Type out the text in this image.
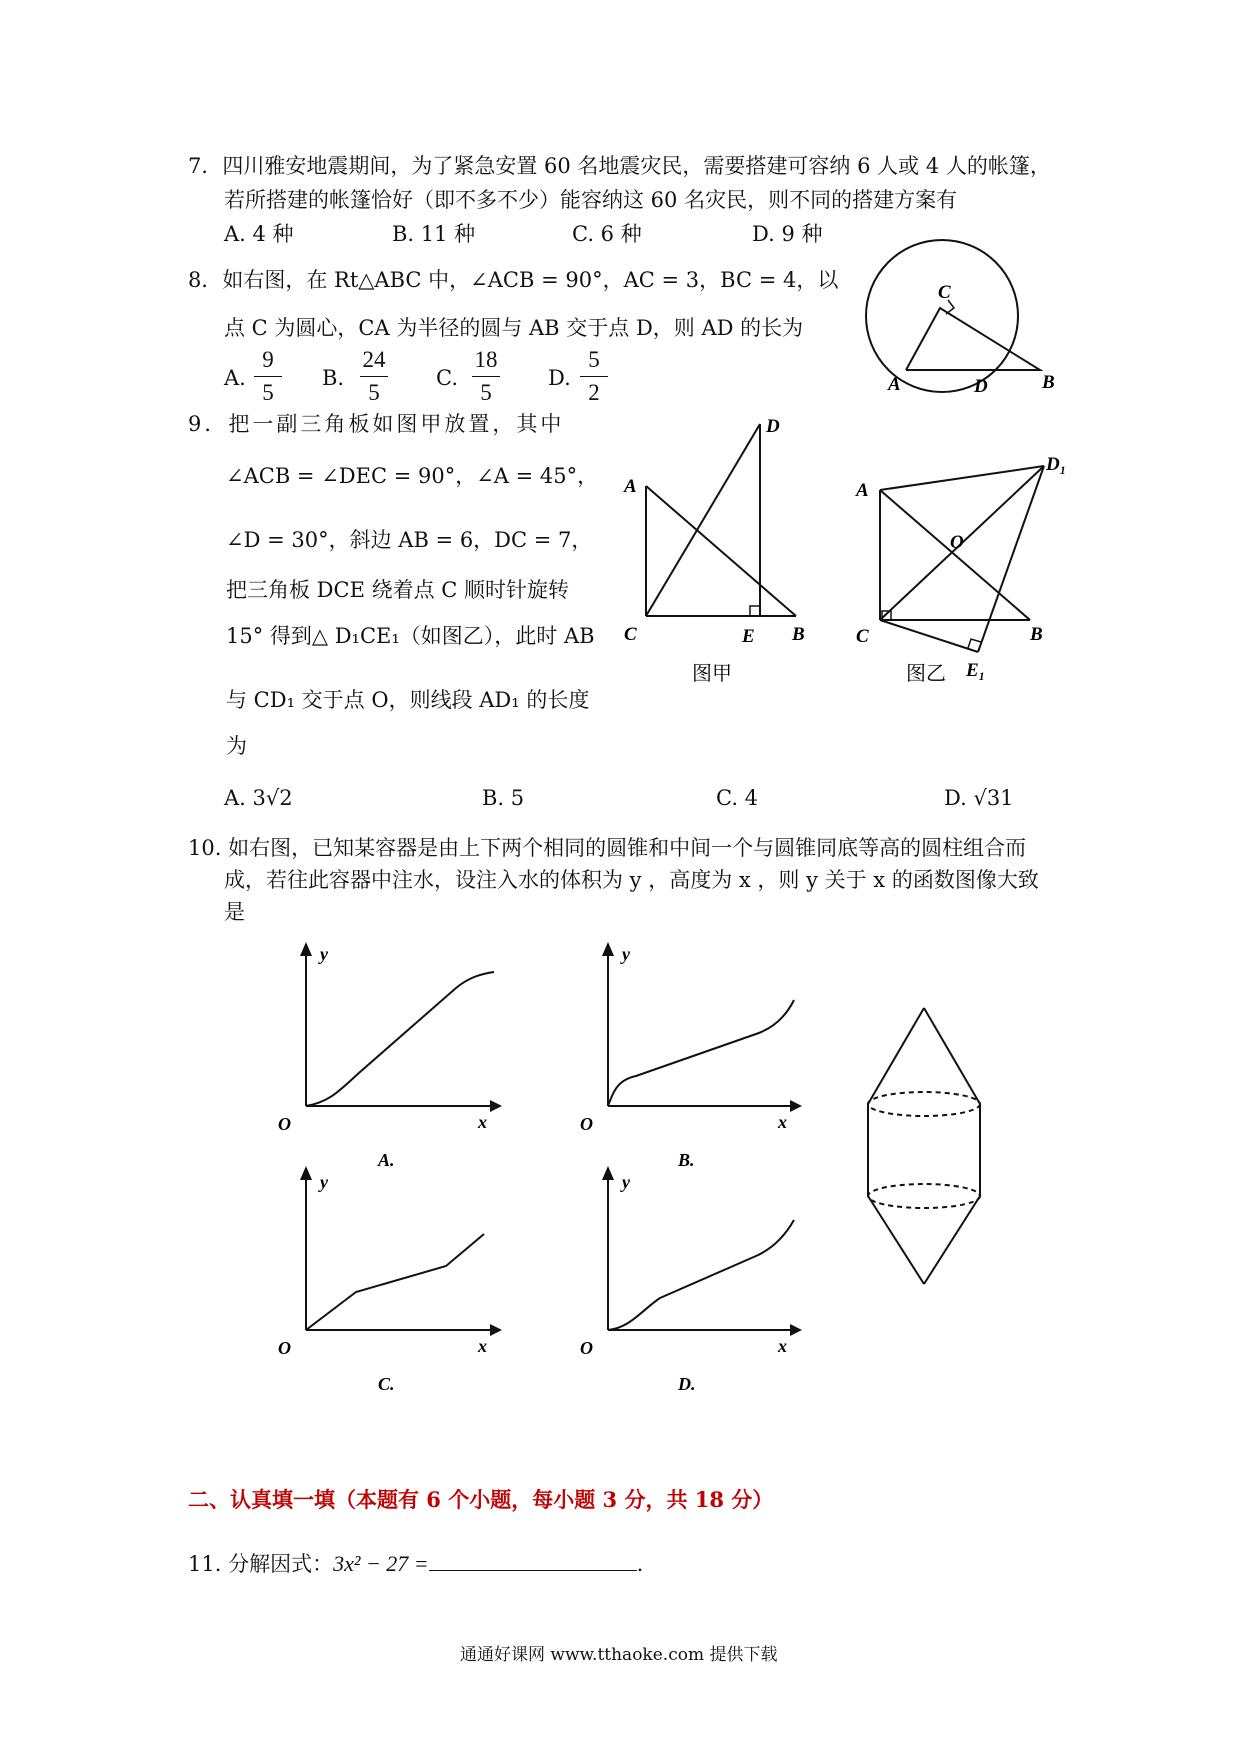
7．四川雅安地震期间，为了紧急安置 60 名地震灾民，需要搭建可容纳 6 人或 4 人的帐篷，
若所搭建的帐篷恰好（即不多不少）能容纳这 60 名灾民，则不同的搭建方案有
A. 4 种	B. 11 种	C. 6 种	D. 9 种
8．如右图，在 Rt△ABC 中，∠ACB = 90°，AC = 3，BC = 4，以
点 C 为圆心，CA 为半径的圆与 AB 交于点 D，则 AD 的长为
A.
9
5
B.
24
5
C.
18
5
D.
5
2
C
A	D	B
9．把一副三角板如图甲放置，其中
∠ACB = ∠DEC = 90°，∠A = 45°，
∠D = 30°，斜边 AB = 6，DC = 7，
把三角板 DCE 绕着点 C 顺时针旋转
15° 得到△ D₁CE₁（如图乙），此时 AB
与 CD₁ 交于点 O，则线段 AD₁ 的长度
为
A. 3√2	B. 5	C. 4	D. √31
D
A
C	E B
图甲
A
D₁
O
C	B
E₁
图乙
10. 如右图，已知某容器是由上下两个相同的圆锥和中间一个与圆锥同底等高的圆柱组合而
成，若往此容器中注水，设注入水的体积为 y ，高度为 x ，则 y 关于 x 的函数图像大致
是
y
O	x
A.
y
O	x
B.
y
O	x
C.
y
O	x
D.
二、认真填一填（本题有 6 个小题，每小题 3 分，共 18 分）
11. 分解因式：3x² − 27 =	.
通通好课网 www.tthaoke.com 提供下载
